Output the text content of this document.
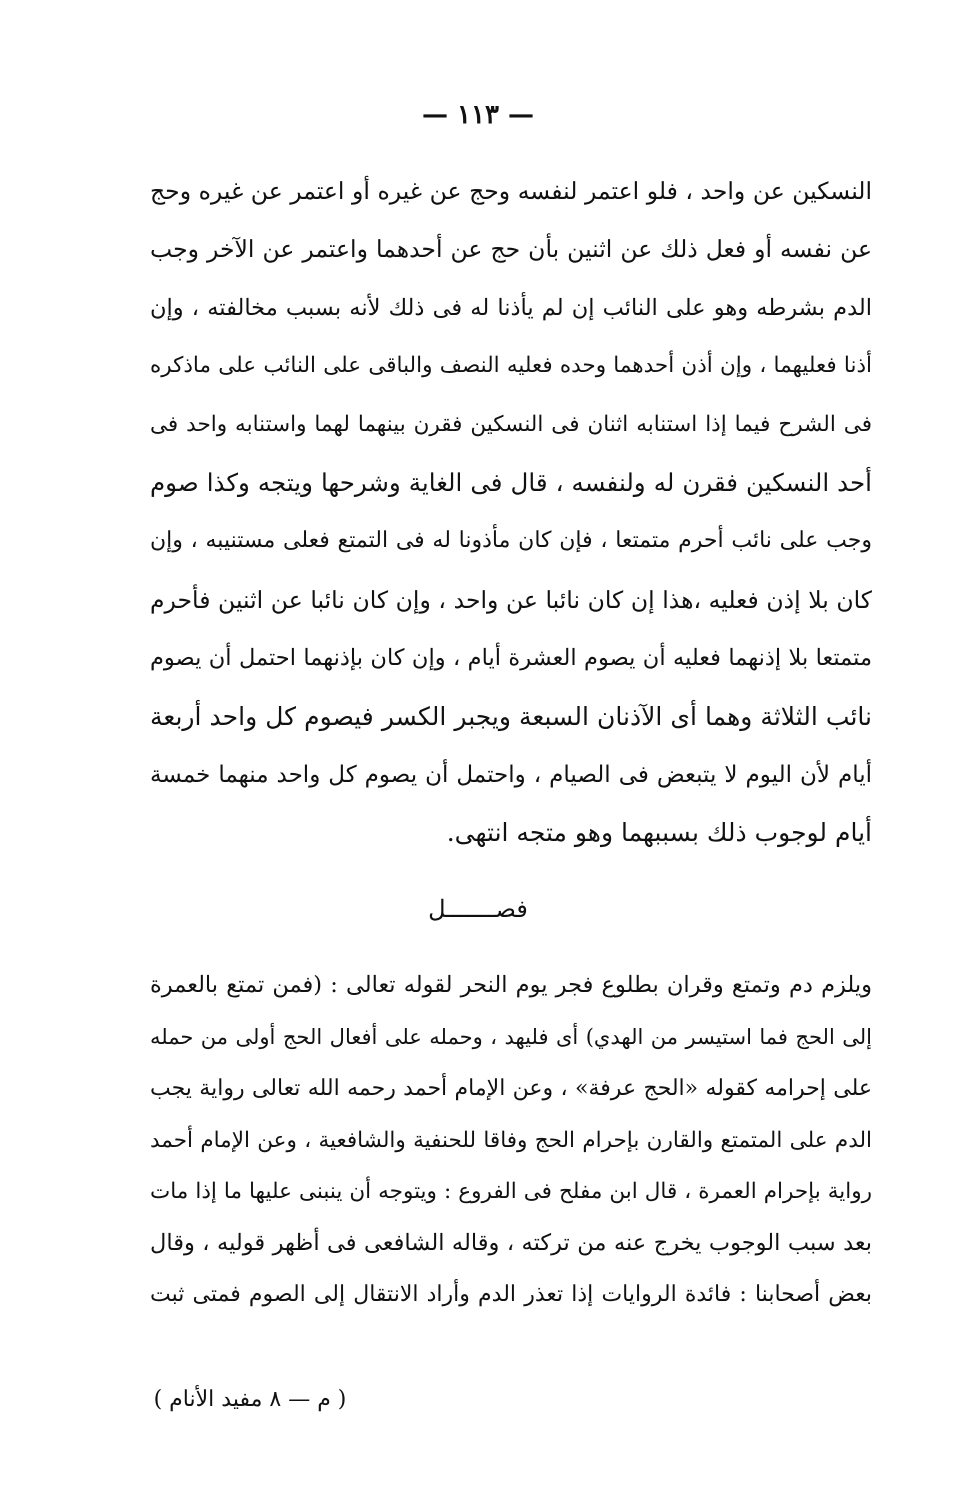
— ١١٣ —
النسكين عن واحد ، فلو اعتمر لنفسه وحج عن غيره أو اعتمر عن غيره وحج
عن نفسه أو فعل ذلك عن اثنين بأن حج عن أحدهما واعتمر عن الآخر وجب
الدم بشرطه وهو على النائب إن لم يأذنا له فى ذلك لأنه بسبب مخالفته ، وإن
أذنا فعليهما ، وإن أذن أحدهما وحده فعليه النصف والباقى على النائب على ماذكره
فى الشرح فيما إذا استنابه اثنان فى النسكين فقرن بينهما لهما واستنابه واحد فى
أحد النسكين فقرن له ولنفسه ، قال فى الغاية وشرحها ويتجه وكذا صوم
وجب على نائب أحرم متمتعا ، فإن كان مأذونا له فى التمتع فعلى مستنيبه ، وإن
كان بلا إذن فعليه ،هذا إن كان نائبا عن واحد ، وإن كان نائبا عن اثنين فأحرم
متمتعا بلا إذنهما فعليه أن يصوم العشرة أيام ، وإن كان بإذنهما احتمل أن يصوم
نائب الثلاثة وهما أى الآذنان السبعة ويجبر الكسر فيصوم كل واحد أربعة
أيام لأن اليوم لا يتبعض فى الصيام ، واحتمل أن يصوم كل واحد منهما خمسة
أيام لوجوب ذلك بسببهما وهو متجه انتهى.
فصـــــــل
ويلزم دم وتمتع وقران بطلوع فجر يوم النحر لقوله تعالى : (فمن تمتع بالعمرة
إلى الحج فما استيسر من الهدي) أى فليهد ، وحمله على أفعال الحج أولى من حمله
على إحرامه كقوله «الحج عرفة» ، وعن الإمام أحمد رحمه الله تعالى رواية يجب
الدم على المتمتع والقارن بإحرام الحج وفاقا للحنفية والشافعية ، وعن الإمام أحمد
رواية بإحرام العمرة ، قال ابن مفلح فى الفروع : ويتوجه أن ينبنى عليها ما إذا مات
بعد سبب الوجوب يخرج عنه من تركته ، وقاله الشافعى فى أظهر قوليه ، وقال
بعض أصحابنا : فائدة الروايات إذا تعذر الدم وأراد الانتقال إلى الصوم فمتى ثبت
( م — ٨ مفيد الأنام )
